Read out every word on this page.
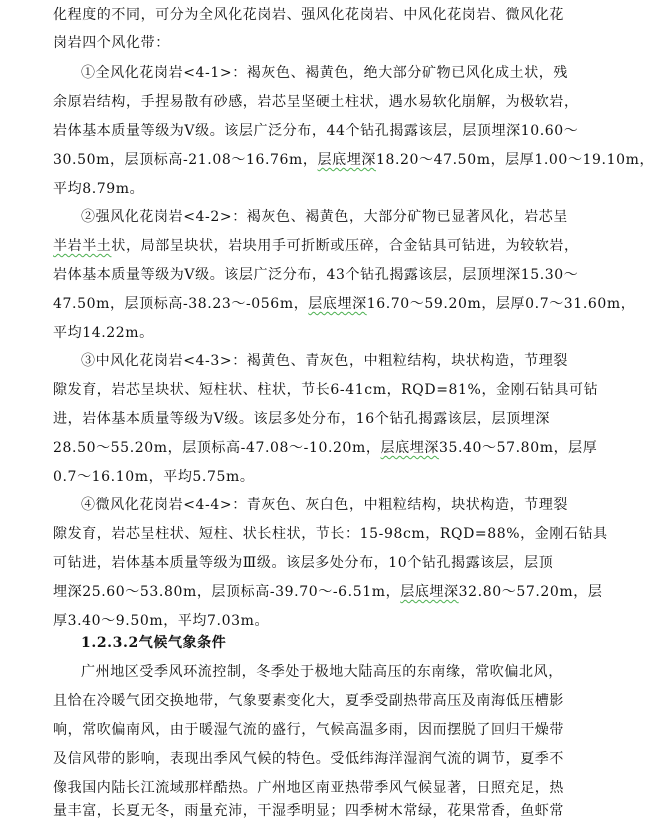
化程度的不同，可分为全风化花岗岩、强风化花岗岩、中风化花岗岩、微风化花
岗岩四个风化带：
①全风化花岗岩<4-1>：褐灰色、褐黄色，绝大部分矿物已风化成土状，残
余原岩结构，手捏易散有砂感，岩芯呈坚硬土柱状，遇水易软化崩解，为极软岩，
岩体基本质量等级为Ⅴ级。该层广泛分布，44个钻孔揭露该层，层顶埋深10.60～
30.50m，层顶标高-21.08～16.76m，层底埋深18.20～47.50m，层厚1.00～19.10m，
平均8.79m。
②强风化花岗岩<4-2>：褐灰色、褐黄色，大部分矿物已显著风化，岩芯呈
半岩半土状，局部呈块状，岩块用手可折断或压碎，合金钻具可钻进，为较软岩，
岩体基本质量等级为Ⅴ级。该层广泛分布，43个钻孔揭露该层，层顶埋深15.30～
47.50m，层顶标高-38.23～-056m，层底埋深16.70～59.20m，层厚0.7～31.60m，
平均14.22m。
③中风化花岗岩<4-3>：褐黄色、青灰色，中粗粒结构，块状构造，节理裂
隙发育，岩芯呈块状、短柱状、柱状，节长6-41cm，RQD=81%，金刚石钻具可钻
进，岩体基本质量等级为Ⅴ级。该层多处分布，16个钻孔揭露该层，层顶埋深
28.50～55.20m，层顶标高-47.08～-10.20m，层底埋深35.40～57.80m，层厚
0.7～16.10m，平均5.75m。
④微风化花岗岩<4-4>：青灰色、灰白色，中粗粒结构，块状构造，节理裂
隙发育，岩芯呈柱状、短柱、状长柱状，节长：15-98cm，RQD=88%，金刚石钻具
可钻进，岩体基本质量等级为Ⅲ级。该层多处分布，10个钻孔揭露该层，层顶
埋深25.60～53.80m，层顶标高-39.70～-6.51m，层底埋深32.80～57.20m，层
厚3.40～9.50m，平均7.03m。
1.2.3.2气候气象条件
广州地区受季风环流控制，冬季处于极地大陆高压的东南缘，常吹偏北风，
且恰在冷暖气团交换地带，气象要素变化大，夏季受副热带高压及南海低压槽影
响，常吹偏南风，由于暖湿气流的盛行，气候高温多雨，因而摆脱了回归干燥带
及信风带的影响，表现出季风气候的特色。受低纬海洋湿润气流的调节，夏季不
像我国内陆长江流域那样酷热。广州地区南亚热带季风气候显著，日照充足，热
量丰富，长夏无冬，雨量充沛，干湿季明显；四季树木常绿，花果常香，鱼虾常
